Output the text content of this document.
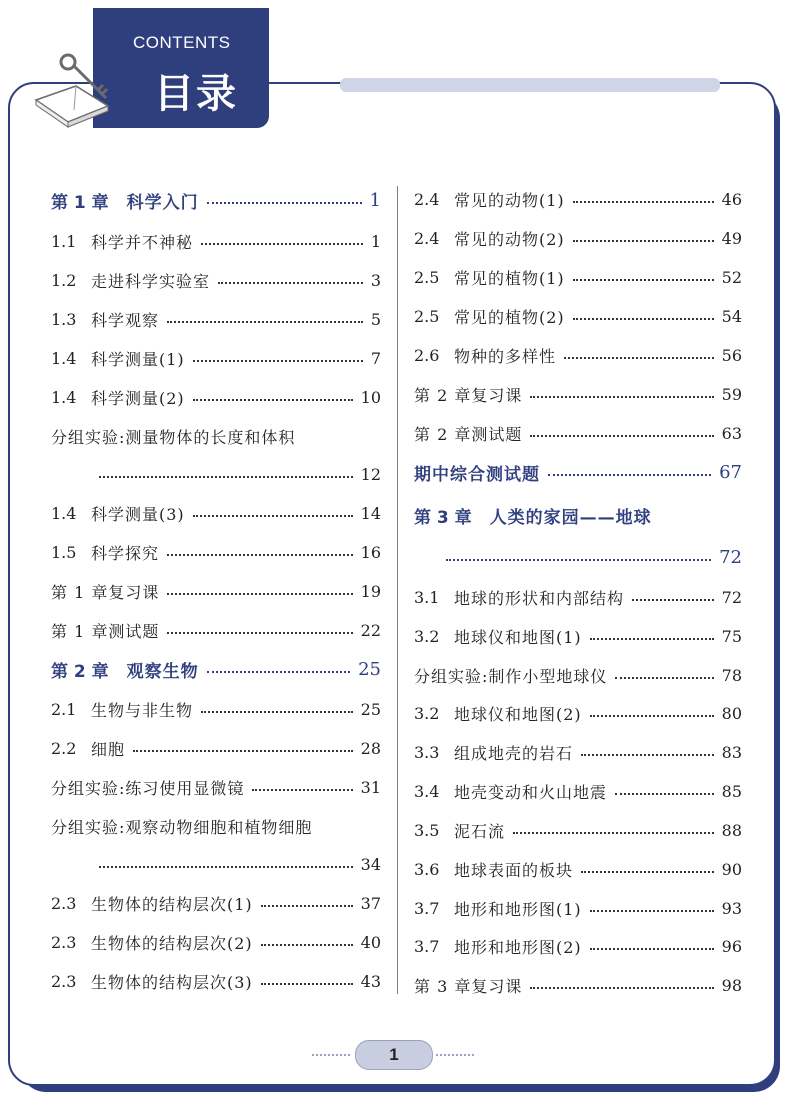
CONTENTS
目录
第 1 章 科学入门	1
1.1 科学并不神秘	1
1.2 走进科学实验室	3
1.3 科学观察	5
1.4 科学测量(1)	7
1.4 科学测量(2)	10
分组实验:测量物体的长度和体积
12
1.4 科学测量(3)	14
1.5 科学探究	16
第 1 章复习课	19
第 1 章测试题	22
第 2 章 观察生物	25
2.1 生物与非生物	25
2.2 细胞	28
分组实验:练习使用显微镜	31
分组实验:观察动物细胞和植物细胞
34
2.3 生物体的结构层次(1)	37
2.3 生物体的结构层次(2)	40
2.3 生物体的结构层次(3)	43
2.4 常见的动物(1)	46
2.4 常见的动物(2)	49
2.5 常见的植物(1)	52
2.5 常见的植物(2)	54
2.6 物种的多样性	56
第 2 章复习课	59
第 2 章测试题	63
期中综合测试题	67
第 3 章 人类的家园——地球
72
3.1 地球的形状和内部结构	72
3.2 地球仪和地图(1)	75
分组实验:制作小型地球仪	78
3.2 地球仪和地图(2)	80
3.3 组成地壳的岩石	83
3.4 地壳变动和火山地震	85
3.5 泥石流	88
3.6 地球表面的板块	90
3.7 地形和地形图(1)	93
3.7 地形和地形图(2)	96
第 3 章复习课	98
1
